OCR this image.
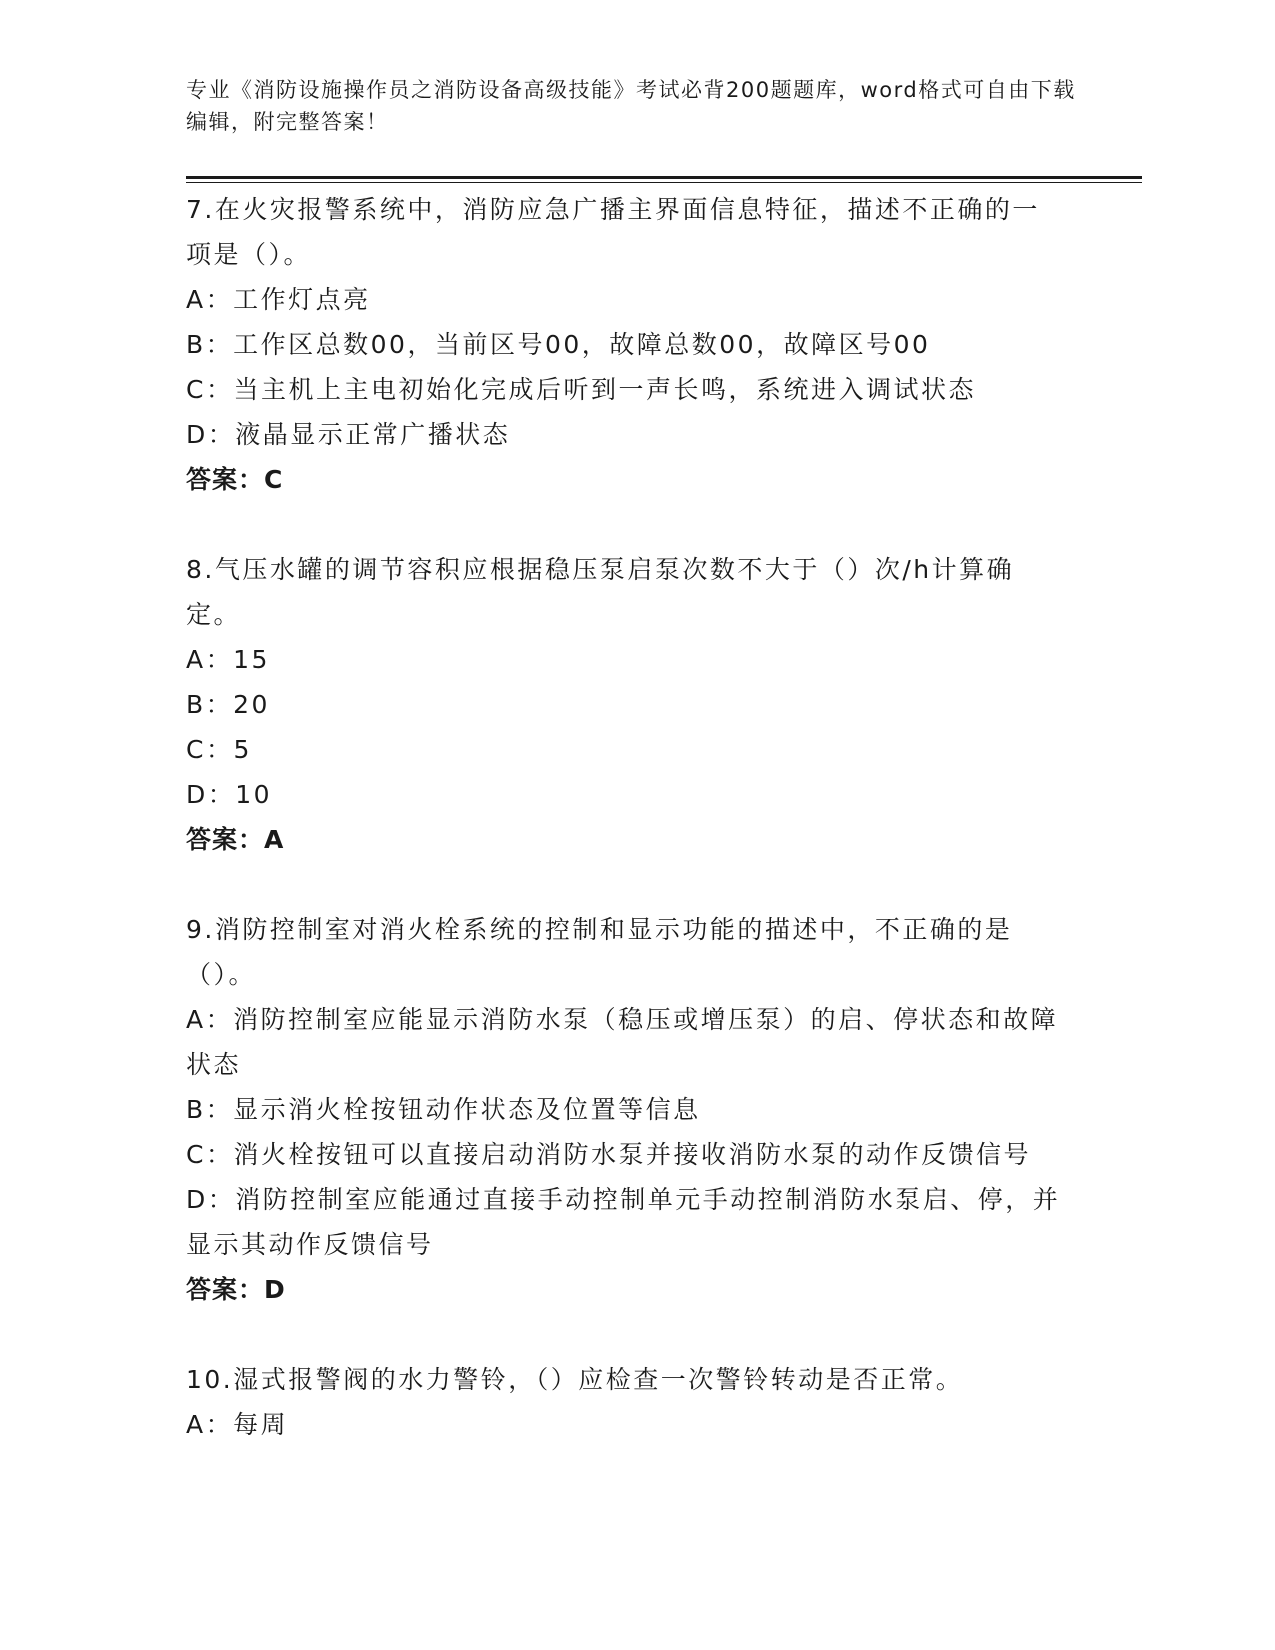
专业《消防设施操作员之消防设备高级技能》考试必背200题题库，word格式可自由下载编辑，附完整答案！
7.在火灾报警系统中，消防应急广播主界面信息特征，描述不正确的一项是（）。
A：工作灯点亮
B：工作区总数00，当前区号00，故障总数00，故障区号00
C：当主机上主电初始化完成后听到一声长鸣，系统进入调试状态
D：液晶显示正常广播状态
答案：C
8.气压水罐的调节容积应根据稳压泵启泵次数不大于（）次/h计算确定。
A：15
B：20
C：5
D：10
答案：A
9.消防控制室对消火栓系统的控制和显示功能的描述中，不正确的是（）。
A：消防控制室应能显示消防水泵（稳压或增压泵）的启、停状态和故障状态
B：显示消火栓按钮动作状态及位置等信息
C：消火栓按钮可以直接启动消防水泵并接收消防水泵的动作反馈信号
D：消防控制室应能通过直接手动控制单元手动控制消防水泵启、停，并显示其动作反馈信号
答案：D
10.湿式报警阀的水力警铃，（）应检查一次警铃转动是否正常。
A：每周
